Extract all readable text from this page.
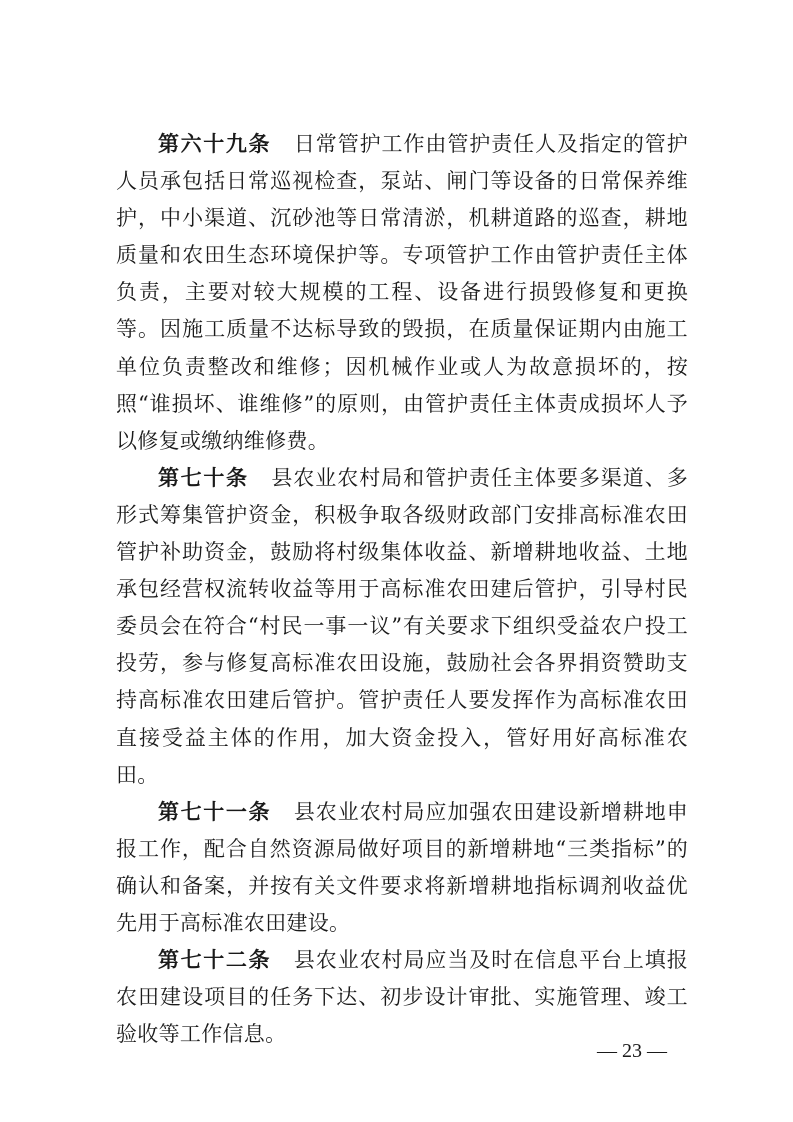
第六十九条 日常管护工作由管护责任人及指定的管护人员承包括日常巡视检查，泵站、闸门等设备的日常保养维护，中小渠道、沉砂池等日常清淤，机耕道路的巡查，耕地质量和农田生态环境保护等。专项管护工作由管护责任主体负责，主要对较大规模的工程、设备进行损毁修复和更换等。因施工质量不达标导致的毁损，在质量保证期内由施工单位负责整改和维修；因机械作业或人为故意损坏的，按照“谁损坏、谁维修”的原则，由管护责任主体责成损坏人予以修复或缴纳维修费。

第七十条 县农业农村局和管护责任主体要多渠道、多形式筹集管护资金，积极争取各级财政部门安排高标准农田管护补助资金，鼓励将村级集体收益、新增耕地收益、土地承包经营权流转收益等用于高标准农田建后管护，引导村民委员会在符合“村民一事一议”有关要求下组织受益农户投工投劳，参与修复高标准农田设施，鼓励社会各界捐资赞助支持高标准农田建后管护。管护责任人要发挥作为高标准农田直接受益主体的作用，加大资金投入，管好用好高标准农田。

第七十一条 县农业农村局应加强农田建设新增耕地申报工作，配合自然资源局做好项目的新增耕地“三类指标”的确认和备案，并按有关文件要求将新增耕地指标调剂收益优先用于高标准农田建设。

第七十二条 县农业农村局应当及时在信息平台上填报农田建设项目的任务下达、初步设计审批、实施管理、竣工验收等工作信息。

— 23 —
